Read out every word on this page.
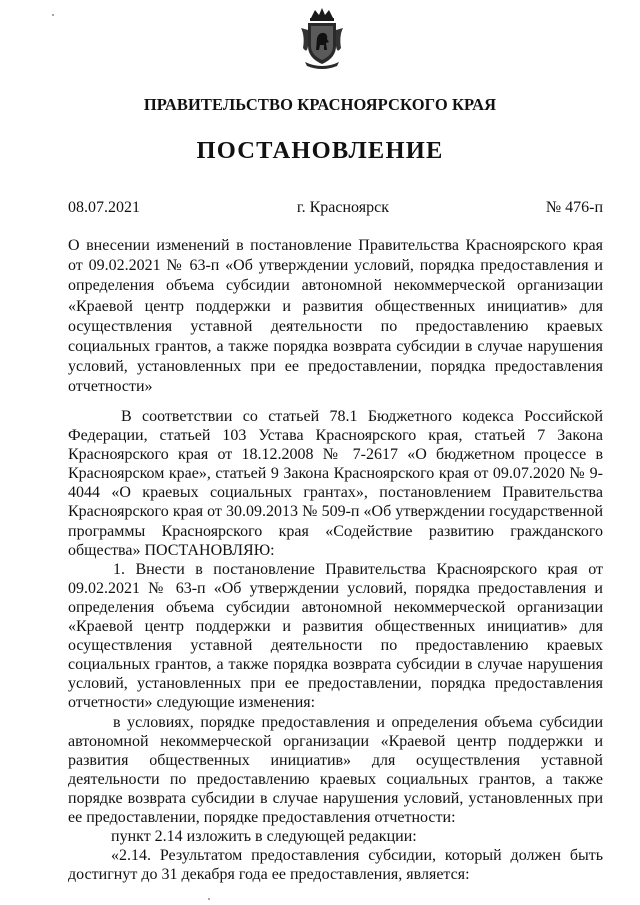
ПРАВИТЕЛЬСТВО КРАСНОЯРСКОГО КРАЯ
ПОСТАНОВЛЕНИЕ
08.07.2021	г. Красноярск	№ 476-п
О внесении изменений в постановление Правительства Красноярского края от 09.02.2021 № 63-п «Об утверждении условий, порядка предоставления и определения объема субсидии автономной некоммерческой организации «Краевой центр поддержки и развития общественных инициатив» для осуществления уставной деятельности по предоставлению краевых социальных грантов, а также порядка возврата субсидии в случае нарушения условий, установленных при ее предоставлении, порядка предоставления отчетности»

В соответствии со статьей 78.1 Бюджетного кодекса Российской Федерации, статьей 103 Устава Красноярского края, статьей 7 Закона Красноярского края от 18.12.2008 № 7-2617 «О бюджетном процессе в Красноярском крае», статьей 9 Закона Красноярского края от 09.07.2020 № 9-4044 «О краевых социальных грантах», постановлением Правительства Красноярского края от 30.09.2013 № 509-п «Об утверждении государственной программы Красноярского края «Содействие развитию гражданского общества» ПОСТАНОВЛЯЮ:

1. Внести в постановление Правительства Красноярского края от 09.02.2021 № 63-п «Об утверждении условий, порядка предоставления и определения объема субсидии автономной некоммерческой организации «Краевой центр поддержки и развития общественных инициатив» для осуществления уставной деятельности по предоставлению краевых социальных грантов, а также порядка возврата субсидии в случае нарушения условий, установленных при ее предоставлении, порядка предоставления отчетности» следующие изменения:

в условиях, порядке предоставления и определения объема субсидии автономной некоммерческой организации «Краевой центр поддержки и развития общественных инициатив» для осуществления уставной деятельности по предоставлению краевых социальных грантов, а также порядке возврата субсидии в случае нарушения условий, установленных при ее предоставлении, порядке предоставления отчетности:

пункт 2.14 изложить в следующей редакции:

«2.14. Результатом предоставления субсидии, который должен быть достигнут до 31 декабря года ее предоставления, является:
